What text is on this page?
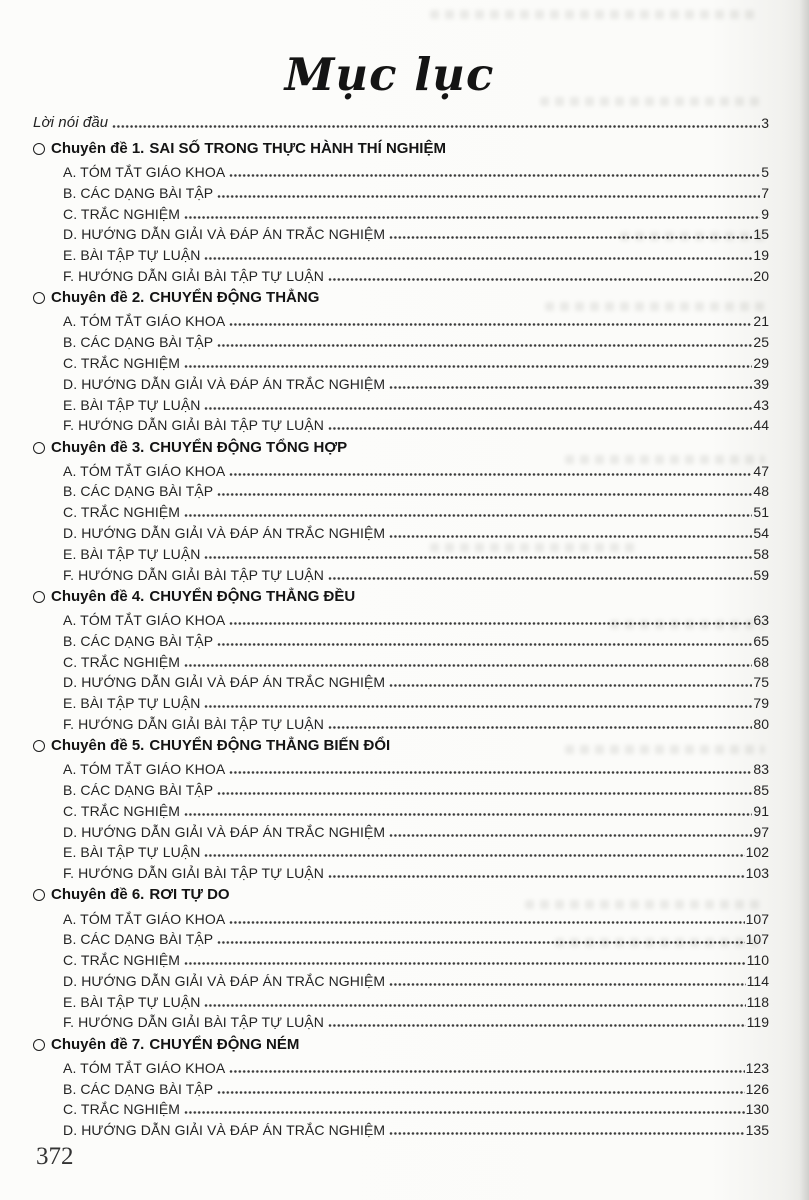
Mục lục
Lời nói đầu	3
Chuyên đề 1. SAI SỐ TRONG THỰC HÀNH THÍ NGHIỆM
A. TÓM TẮT GIÁO KHOA	5
B. CÁC DẠNG BÀI TẬP	7
C. TRẮC NGHIỆM	9
D. HƯỚNG DẪN GIẢI VÀ ĐÁP ÁN TRẮC NGHIỆM	15
E. BÀI TẬP TỰ LUẬN	19
F. HƯỚNG DẪN GIẢI BÀI TẬP TỰ LUẬN	20
Chuyên đề 2. CHUYỂN ĐỘNG THẲNG
A. TÓM TẮT GIÁO KHOA	21
B. CÁC DẠNG BÀI TẬP	25
C. TRẮC NGHIỆM	29
D. HƯỚNG DẪN GIẢI VÀ ĐÁP ÁN TRẮC NGHIỆM	39
E. BÀI TẬP TỰ LUẬN	43
F. HƯỚNG DẪN GIẢI BÀI TẬP TỰ LUẬN	44
Chuyên đề 3. CHUYỂN ĐỘNG TỔNG HỢP
A. TÓM TẮT GIÁO KHOA	47
B. CÁC DẠNG BÀI TẬP	48
C. TRẮC NGHIỆM	51
D. HƯỚNG DẪN GIẢI VÀ ĐÁP ÁN TRẮC NGHIỆM	54
E. BÀI TẬP TỰ LUẬN	58
F. HƯỚNG DẪN GIẢI BÀI TẬP TỰ LUẬN	59
Chuyên đề 4. CHUYỂN ĐỘNG THẲNG ĐỀU
A. TÓM TẮT GIÁO KHOA	63
B. CÁC DẠNG BÀI TẬP	65
C. TRẮC NGHIỆM	68
D. HƯỚNG DẪN GIẢI VÀ ĐÁP ÁN TRẮC NGHIỆM	75
E. BÀI TẬP TỰ LUẬN	79
F. HƯỚNG DẪN GIẢI BÀI TẬP TỰ LUẬN	80
Chuyên đề 5. CHUYỂN ĐỘNG THẲNG BIẾN ĐỔI
A. TÓM TẮT GIÁO KHOA	83
B. CÁC DẠNG BÀI TẬP	85
C. TRẮC NGHIỆM	91
D. HƯỚNG DẪN GIẢI VÀ ĐÁP ÁN TRẮC NGHIỆM	97
E. BÀI TẬP TỰ LUẬN	102
F. HƯỚNG DẪN GIẢI BÀI TẬP TỰ LUẬN	103
Chuyên đề 6. RƠI TỰ DO
A. TÓM TẮT GIÁO KHOA	107
B. CÁC DẠNG BÀI TẬP	107
C. TRẮC NGHIỆM	110
D. HƯỚNG DẪN GIẢI VÀ ĐÁP ÁN TRẮC NGHIỆM	114
E. BÀI TẬP TỰ LUẬN	118
F. HƯỚNG DẪN GIẢI BÀI TẬP TỰ LUẬN	119
Chuyên đề 7. CHUYỂN ĐỘNG NÉM
A. TÓM TẮT GIÁO KHOA	123
B. CÁC DẠNG BÀI TẬP	126
C. TRẮC NGHIỆM	130
D. HƯỚNG DẪN GIẢI VÀ ĐÁP ÁN TRẮC NGHIỆM	135
372
